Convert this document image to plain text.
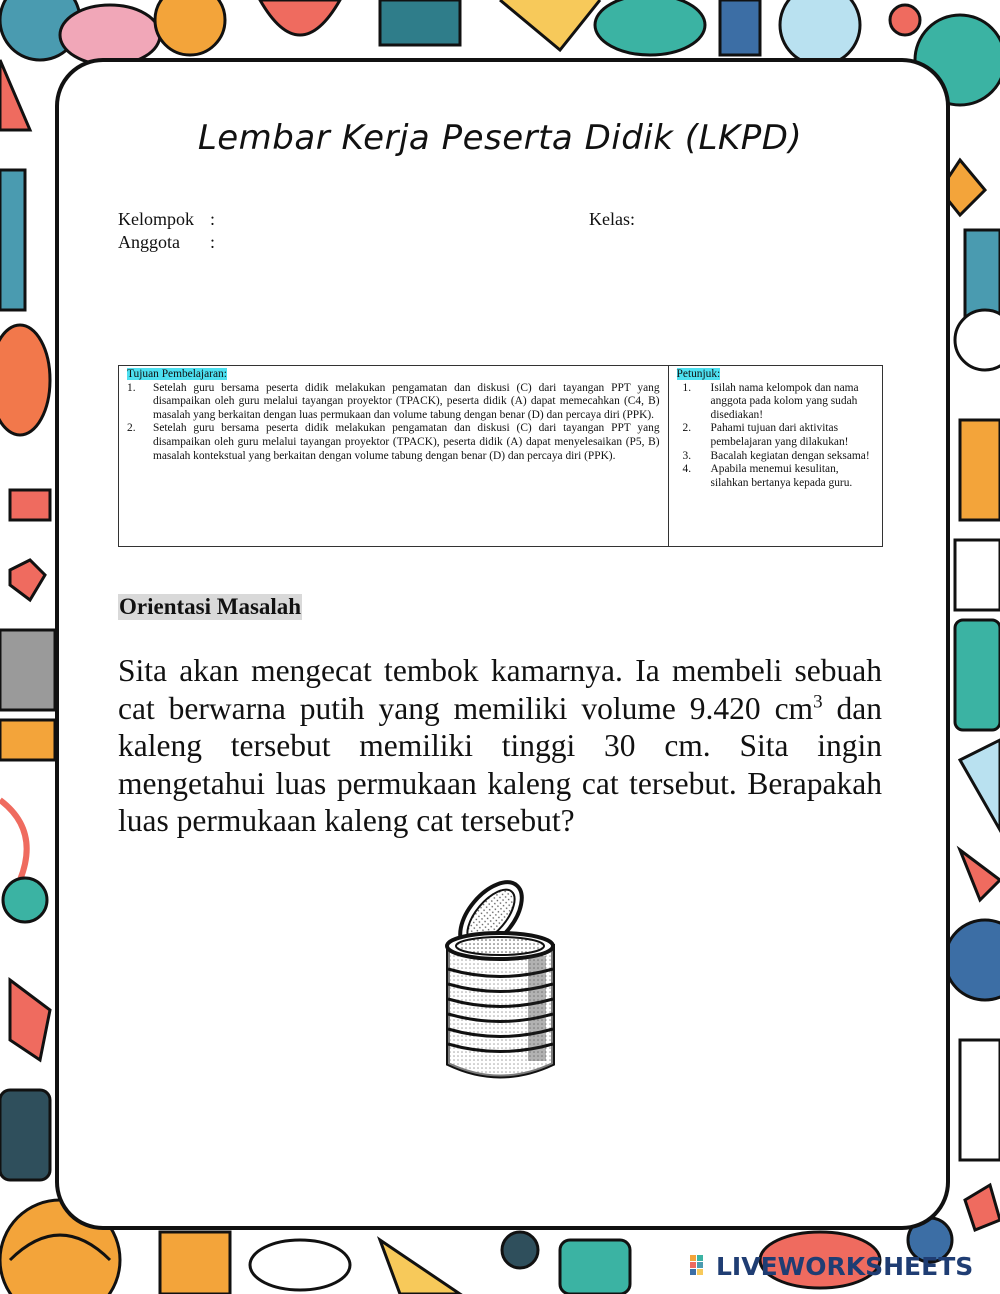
Lembar Kerja Peserta Didik (LKPD)
Kelompok :
Anggota :
Kelas:
Tujuan Pembelajaran:
1.	Setelah guru bersama peserta didik melakukan pengamatan dan diskusi (C) dari tayangan PPT yang disampaikan oleh guru melalui tayangan proyektor (TPACK), peserta didik (A) dapat memecahkan (C4, B) masalah yang berkaitan dengan luas permukaan dan volume tabung dengan benar (D) dan percaya diri (PPK).
2.	Setelah guru bersama peserta didik melakukan pengamatan dan diskusi (C) dari tayangan PPT yang disampaikan oleh guru melalui tayangan proyektor (TPACK), peserta didik (A) dapat menyelesaikan (P5, B) masalah kontekstual yang berkaitan dengan volume tabung dengan benar (D) dan percaya diri (PPK).
Petunjuk:
1.	Isilah nama kelompok dan nama anggota pada kolom yang sudah disediakan!
2.	Pahami tujuan dari aktivitas pembelajaran yang dilakukan!
3.	Bacalah kegiatan dengan seksama!
4.	Apabila menemui kesulitan, silahkan bertanya kepada guru.
Orientasi Masalah
Sita akan mengecat tembok kamarnya. Ia membeli sebuah cat berwarna putih yang memiliki volume 9.420 $cm^3$ dan kaleng tersebut memiliki tinggi 30 cm. Sita ingin mengetahui luas permukaan kaleng cat tersebut. Berapakah luas permukaan kaleng cat tersebut?
LIVEWORKSHEETS
